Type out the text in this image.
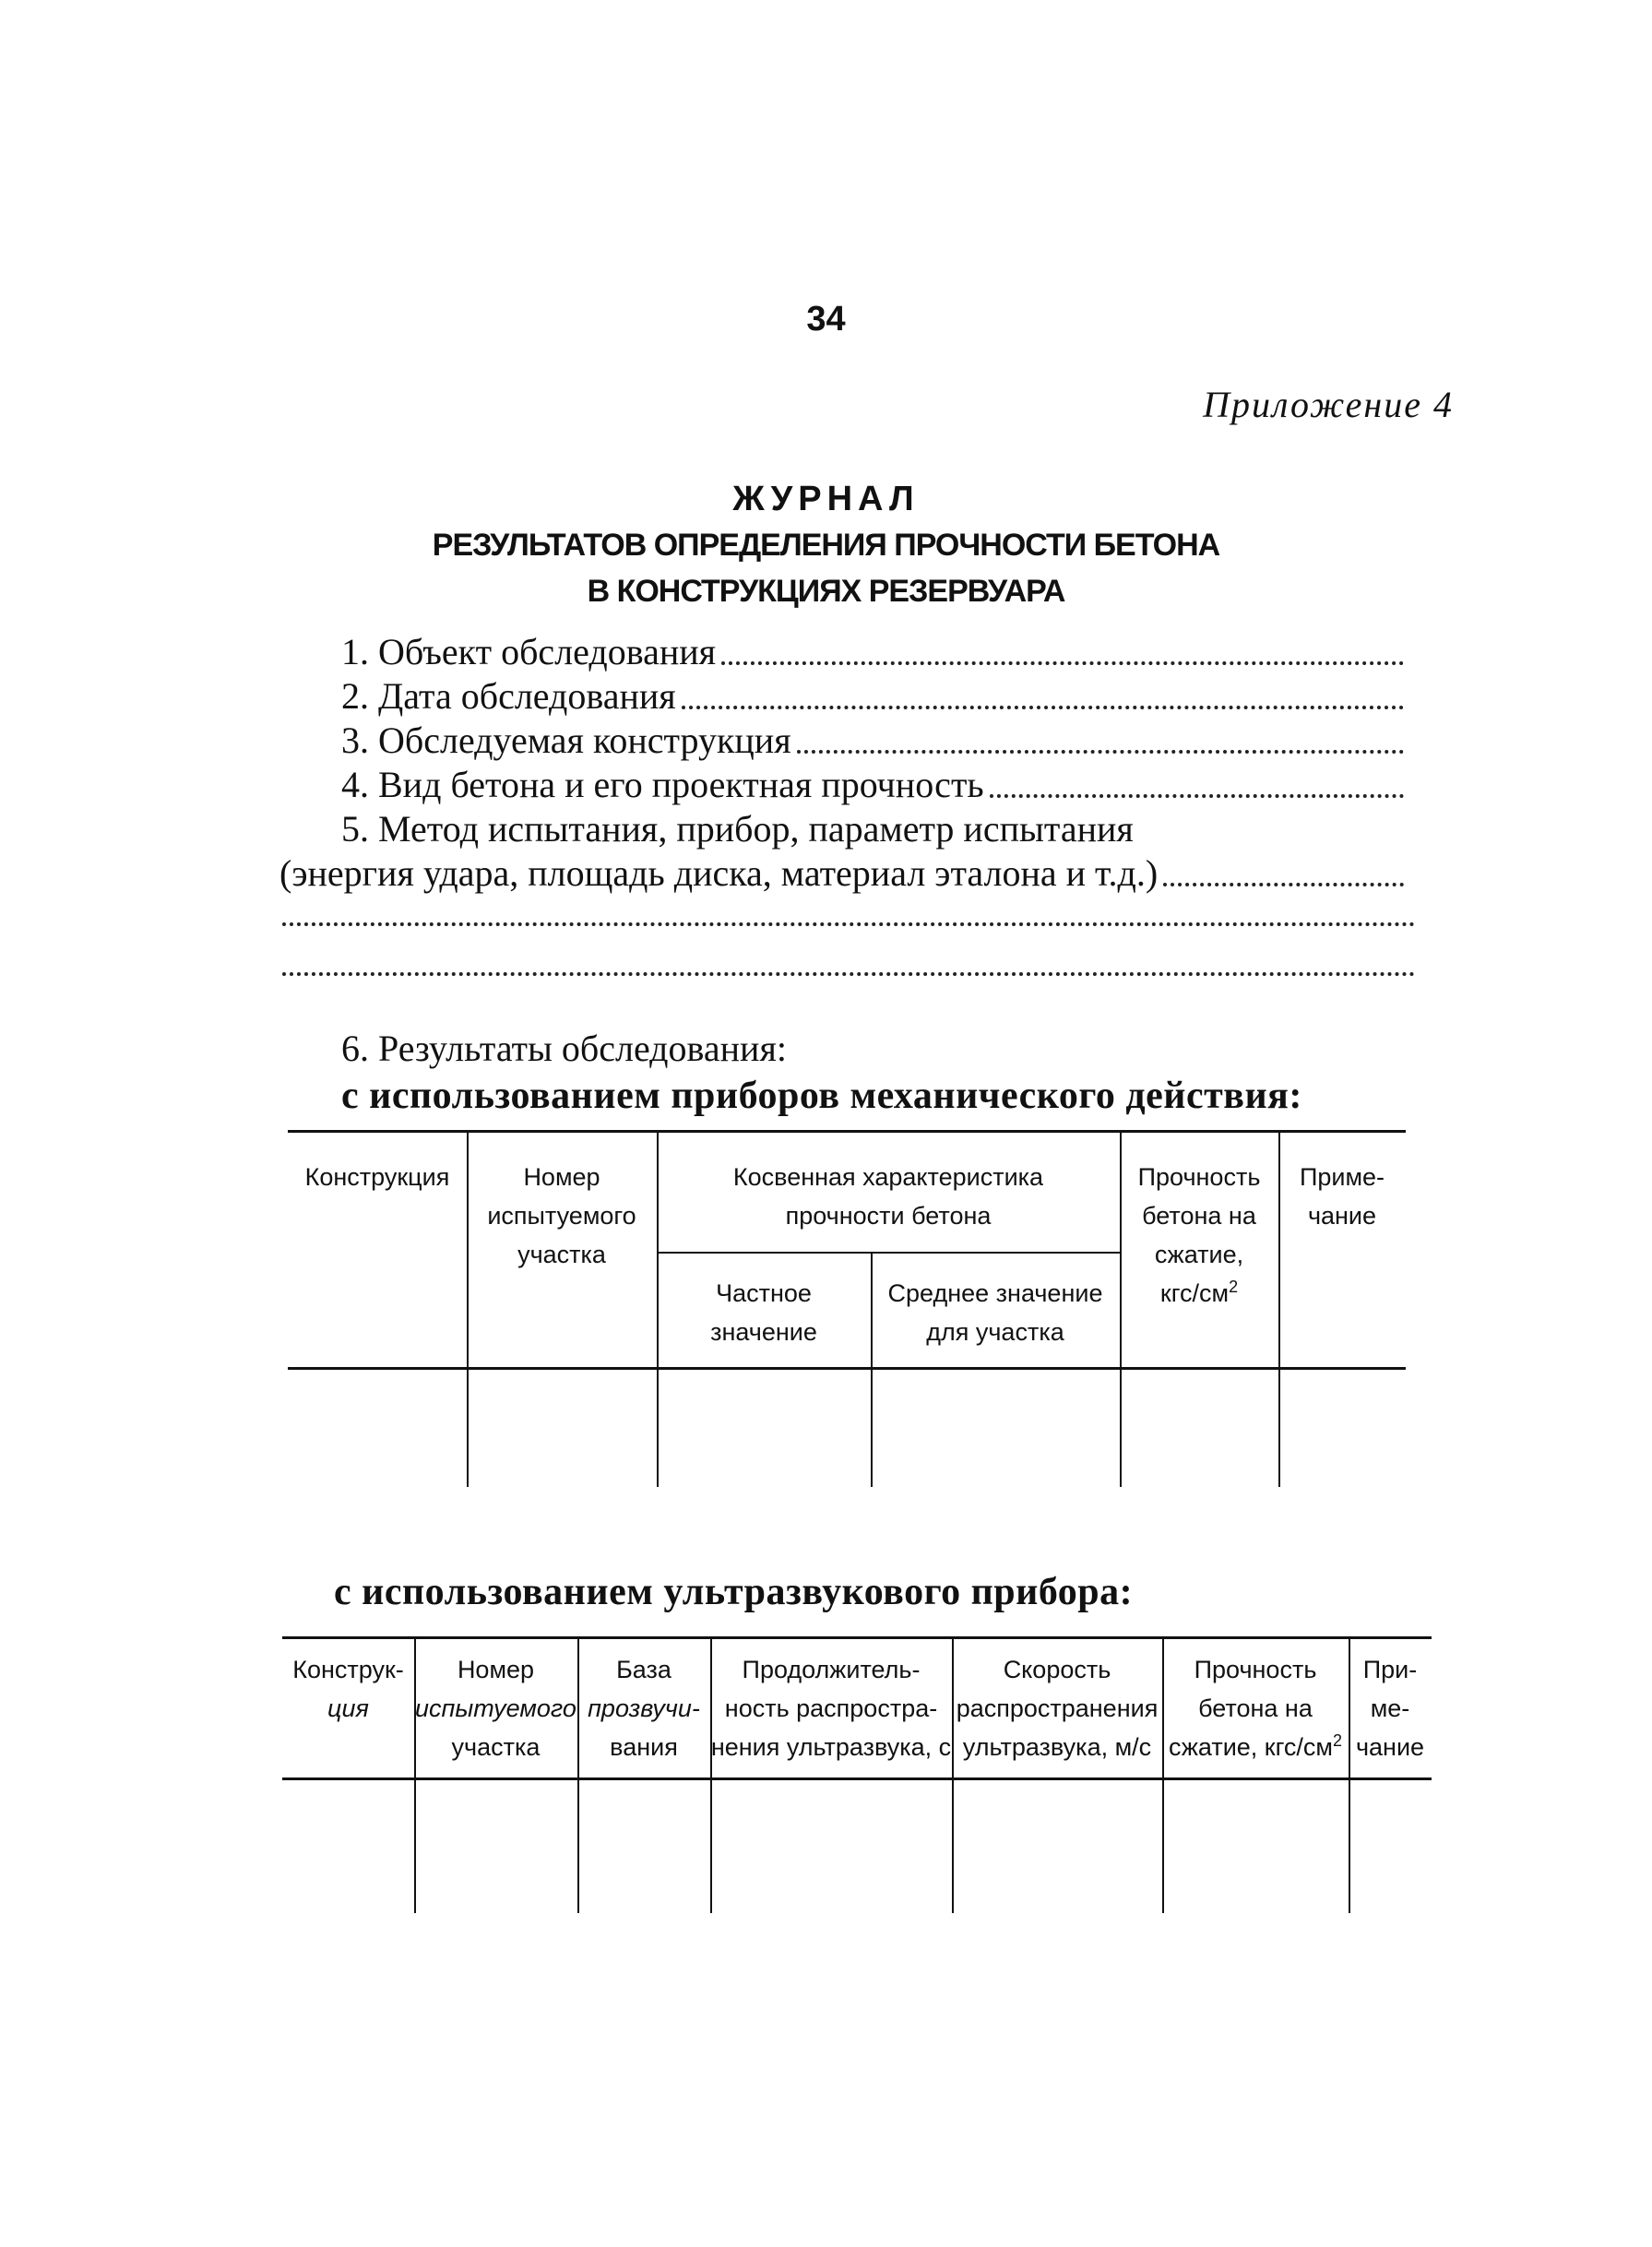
34
Приложение 4
ЖУРНАЛ
РЕЗУЛЬТАТОВ ОПРЕДЕЛЕНИЯ ПРОЧНОСТИ БЕТОНА
В КОНСТРУКЦИЯХ РЕЗЕРВУАРА
1. Объект обследования
2. Дата обследования
3. Обследуемая конструкция
4. Вид бетона и его проектная прочность
5. Метод испытания, прибор, параметр испытания
(энергия удара, площадь диска, материал эталона и т.д.)
6. Результаты обследования:
с использованием приборов механического действия:
Конструкция	Номер
испытуемого
участка
Косвенная характеристика
прочности бетона
Частное
значение
Среднее значение
для участка
Прочность
бетона на
сжатие,
кгс/$см^2$
Приме-
чание
с использованием ультразвукового прибора:
Конструк-
ция
Номер
испытуемого
участка
База
прозвучи-
вания
Продолжитель-
ность распростра-
нения ультразвука, с
Скорость
распространения
ультразвука, м/с
Прочность
бетона на
сжатие, кгс/$см^2$
При-
ме-
чание
